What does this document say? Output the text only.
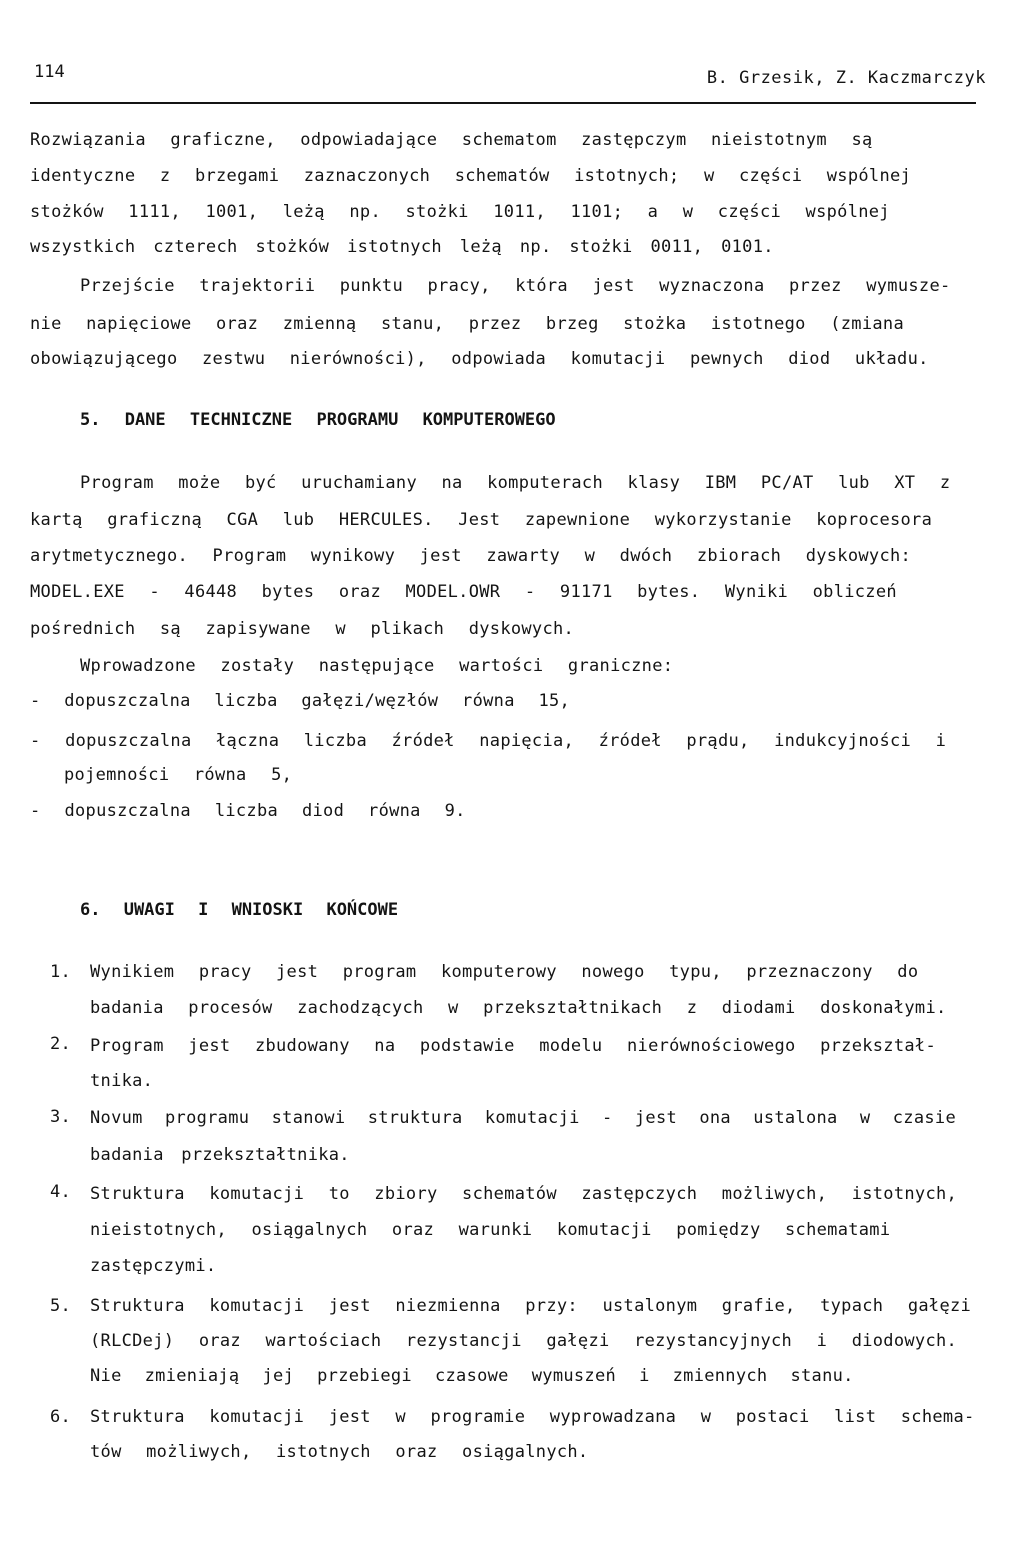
114	B. Grzesik, Z. Kaczmarczyk
Rozwiązania graficzne, odpowiadające schematom zastępczym nieistotnym są
identyczne z brzegami zaznaczonych schematów istotnych; w części wspólnej
stożków 1111, 1001, leżą np. stożki 1011, 1101; a w części wspólnej
wszystkich czterech stożków istotnych leżą np. stożki 0011, 0101.
Przejście trajektorii punktu pracy, która jest wyznaczona przez wymusze-
nie napięciowe oraz zmienną stanu, przez brzeg stożka istotnego (zmiana
obowiązującego zestwu nierówności), odpowiada komutacji pewnych diod układu.
5. DANE TECHNICZNE PROGRAMU KOMPUTEROWEGO
Program może być uruchamiany na komputerach klasy IBM PC/AT lub XT z
kartą graficzną CGA lub HERCULES. Jest zapewnione wykorzystanie koprocesora
arytmetycznego. Program wynikowy jest zawarty w dwóch zbiorach dyskowych:
MODEL.EXE - 46448 bytes oraz MODEL.OWR - 91171 bytes. Wyniki obliczeń
pośrednich są zapisywane w plikach dyskowych.
Wprowadzone zostały następujące wartości graniczne:
- dopuszczalna liczba gałęzi/węzłów równa 15,
- dopuszczalna łączna liczba źródeł napięcia, źródeł prądu, indukcyjności i
pojemności równa 5,
- dopuszczalna liczba diod równa 9.
6. UWAGI I WNIOSKI KOŃCOWE
1. Wynikiem pracy jest program komputerowy nowego typu, przeznaczony do
badania procesów zachodzących w przekształtnikach z diodami doskonałymi.
2. Program jest zbudowany na podstawie modelu nierównościowego przekształ-
tnika.
3. Novum programu stanowi struktura komutacji - jest ona ustalona w czasie
badania przekształtnika.
4. Struktura komutacji to zbiory schematów zastępczych możliwych, istotnych,
nieistotnych, osiągalnych oraz warunki komutacji pomiędzy schematami
zastępczymi.
5. Struktura komutacji jest niezmienna przy: ustalonym grafie, typach gałęzi
(RLCDej) oraz wartościach rezystancji gałęzi rezystancyjnych i diodowych.
Nie zmieniają jej przebiegi czasowe wymuszeń i zmiennych stanu.
6. Struktura komutacji jest w programie wyprowadzana w postaci list schema-
tów możliwych, istotnych oraz osiągalnych.
